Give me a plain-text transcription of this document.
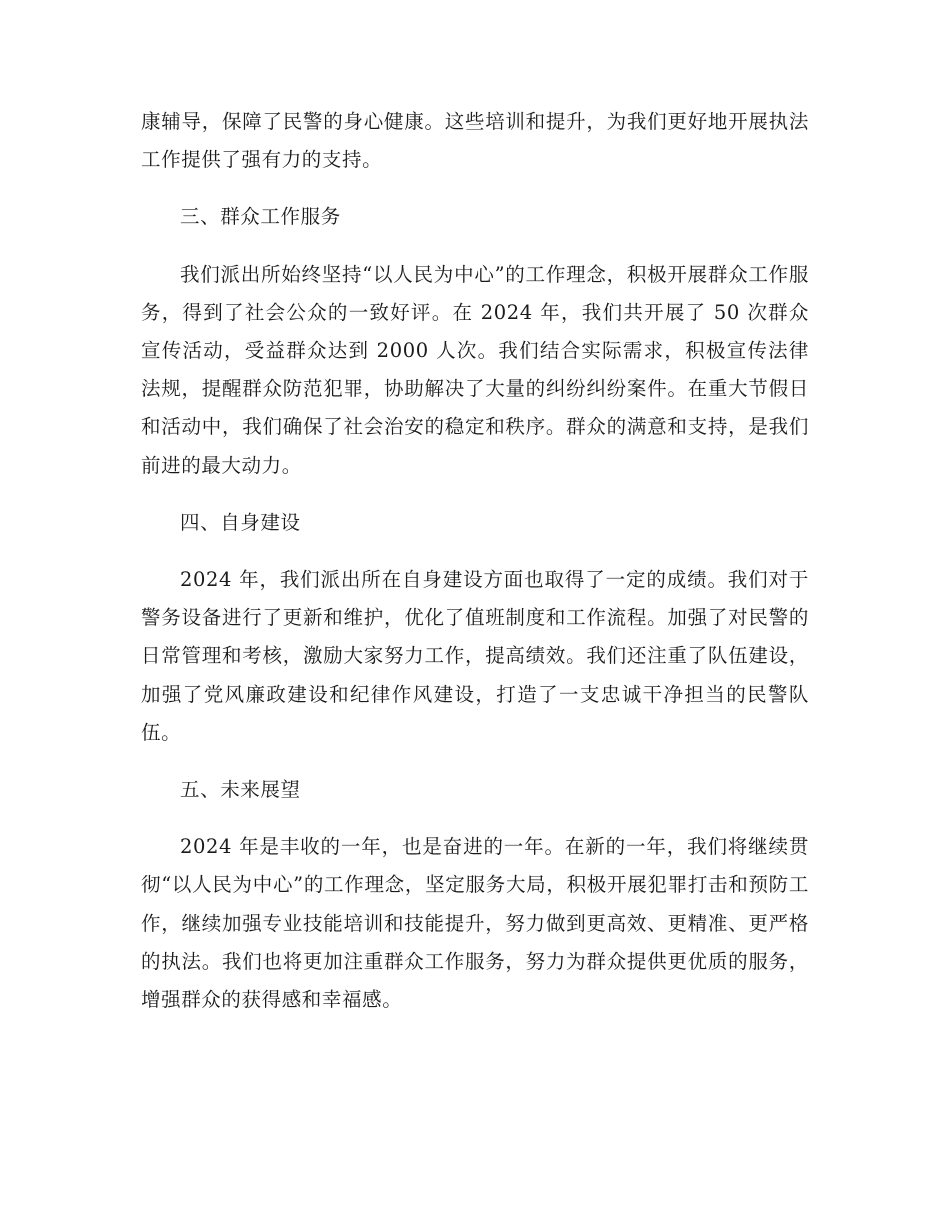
康辅导，保障了民警的身心健康。这些培训和提升，为我们更好地开展执法工作提供了强有力的支持。

三、群众工作服务

我们派出所始终坚持“以人民为中心”的工作理念，积极开展群众工作服务，得到了社会公众的一致好评。在 2024 年，我们共开展了 50 次群众宣传活动，受益群众达到 2000 人次。我们结合实际需求，积极宣传法律法规，提醒群众防范犯罪，协助解决了大量的纠纷纠纷案件。在重大节假日和活动中，我们确保了社会治安的稳定和秩序。群众的满意和支持，是我们前进的最大动力。

四、自身建设

2024 年，我们派出所在自身建设方面也取得了一定的成绩。我们对于警务设备进行了更新和维护，优化了值班制度和工作流程。加强了对民警的日常管理和考核，激励大家努力工作，提高绩效。我们还注重了队伍建设，加强了党风廉政建设和纪律作风建设，打造了一支忠诚干净担当的民警队伍。

五、未来展望

2024 年是丰收的一年，也是奋进的一年。在新的一年，我们将继续贯彻“以人民为中心”的工作理念，坚定服务大局，积极开展犯罪打击和预防工作，继续加强专业技能培训和技能提升，努力做到更高效、更精准、更严格的执法。我们也将更加注重群众工作服务，努力为群众提供更优质的服务，增强群众的获得感和幸福感。
